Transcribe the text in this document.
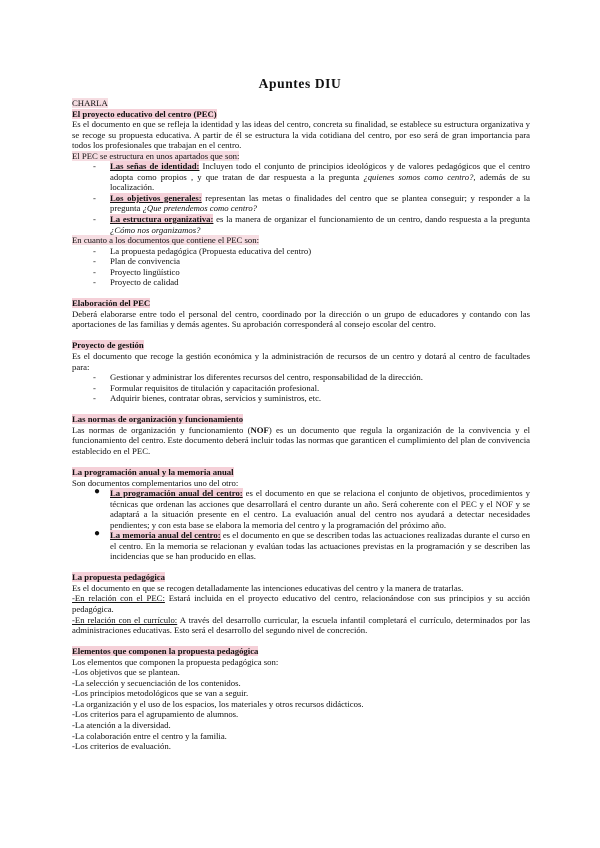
Apuntes DIU
CHARLA
El proyecto educativo del centro (PEC)
Es el documento en que se refleja la identidad y las ideas del centro, concreta su finalidad, se establece su estructura organizativa y se recoge su propuesta educativa. A partir de él se estructura la vida cotidiana del centro, por eso será de gran importancia para todos los profesionales que trabajan en el centro.
El PEC se estructura en unos apartados que son:
- Las señas de identidad: Incluyen todo el conjunto de principios ideológicos y de valores pedagógicos que el centro adopta como propios , y que tratan de dar respuesta a la pregunta ¿quienes somos como centro?, además de su localización.
- Los objetivos generales: representan las metas o finalidades del centro que se plantea conseguir; y responder a la pregunta ¿Que pretendemos como centro?
- La estructura organizativa: es la manera de organizar el funcionamiento de un centro, dando respuesta a la pregunta ¿Cómo nos organizamos?
En cuanto a los documentos que contiene el PEC son:
- La propuesta pedagógica (Propuesta educativa del centro)
- Plan de convivencia
- Proyecto lingüístico
- Proyecto de calidad
Elaboración del PEC
Deberá elaborarse entre todo el personal del centro, coordinado por la dirección o un grupo de educadores y contando con las aportaciones de las familias y demás agentes. Su aprobación corresponderá al consejo escolar del centro.
Proyecto de gestión
Es el documento que recoge la gestión económica y la administración de recursos de un centro y dotará al centro de facultades para:
- Gestionar y administrar los diferentes recursos del centro, responsabilidad de la dirección.
- Formular requisitos de titulación y capacitación profesional.
- Adquirir bienes, contratar obras, servicios y suministros, etc.
Las normas de organización y funcionamiento
Las normas de organización y funcionamiento (NOF) es un documento que regula la organización de la convivencia y el funcionamiento del centro. Este documento deberá incluir todas las normas que garanticen el cumplimiento del plan de convivencia establecido en el PEC.
La programación anual y la memoria anual
Son documentos complementarios uno del otro:
● La programación anual del centro: es el documento en que se relaciona el conjunto de objetivos, procedimientos y técnicas que ordenan las acciones que desarrollará el centro durante un año. Será coherente con el PEC y el NOF y se adaptará a la situación presente en el centro. La evaluación anual del centro nos ayudará a detectar necesidades pendientes; y con esta base se elabora la memoria del centro y la programación del próximo año.
● La memoria anual del centro: es el documento en que se describen todas las actuaciones realizadas durante el curso en el centro. En la memoria se relacionan y evalúan todas las actuaciones previstas en la programación y se describen las incidencias que se han producido en ellas.
La propuesta pedagógica
Es el documento en que se recogen detalladamente las intenciones educativas del centro y la manera de tratarlas.
-En relación con el PEC: Estará incluida en el proyecto educativo del centro, relacionándose con sus principios y su acción pedagógica.
-En relación con el currículo: A través del desarrollo curricular, la escuela infantil completará el currículo, determinados por las administraciones educativas. Esto será el desarrollo del segundo nivel de concreción.
Elementos que componen la propuesta pedagógica
Los elementos que componen la propuesta pedagógica son:
-Los objetivos que se plantean.
-La selección y secuenciación de los contenidos.
-Los principios metodológicos que se van a seguir.
-La organización y el uso de los espacios, los materiales y otros recursos didácticos.
-Los criterios para el agrupamiento de alumnos.
-La atención a la diversidad.
-La colaboración entre el centro y la familia.
-Los criterios de evaluación.
